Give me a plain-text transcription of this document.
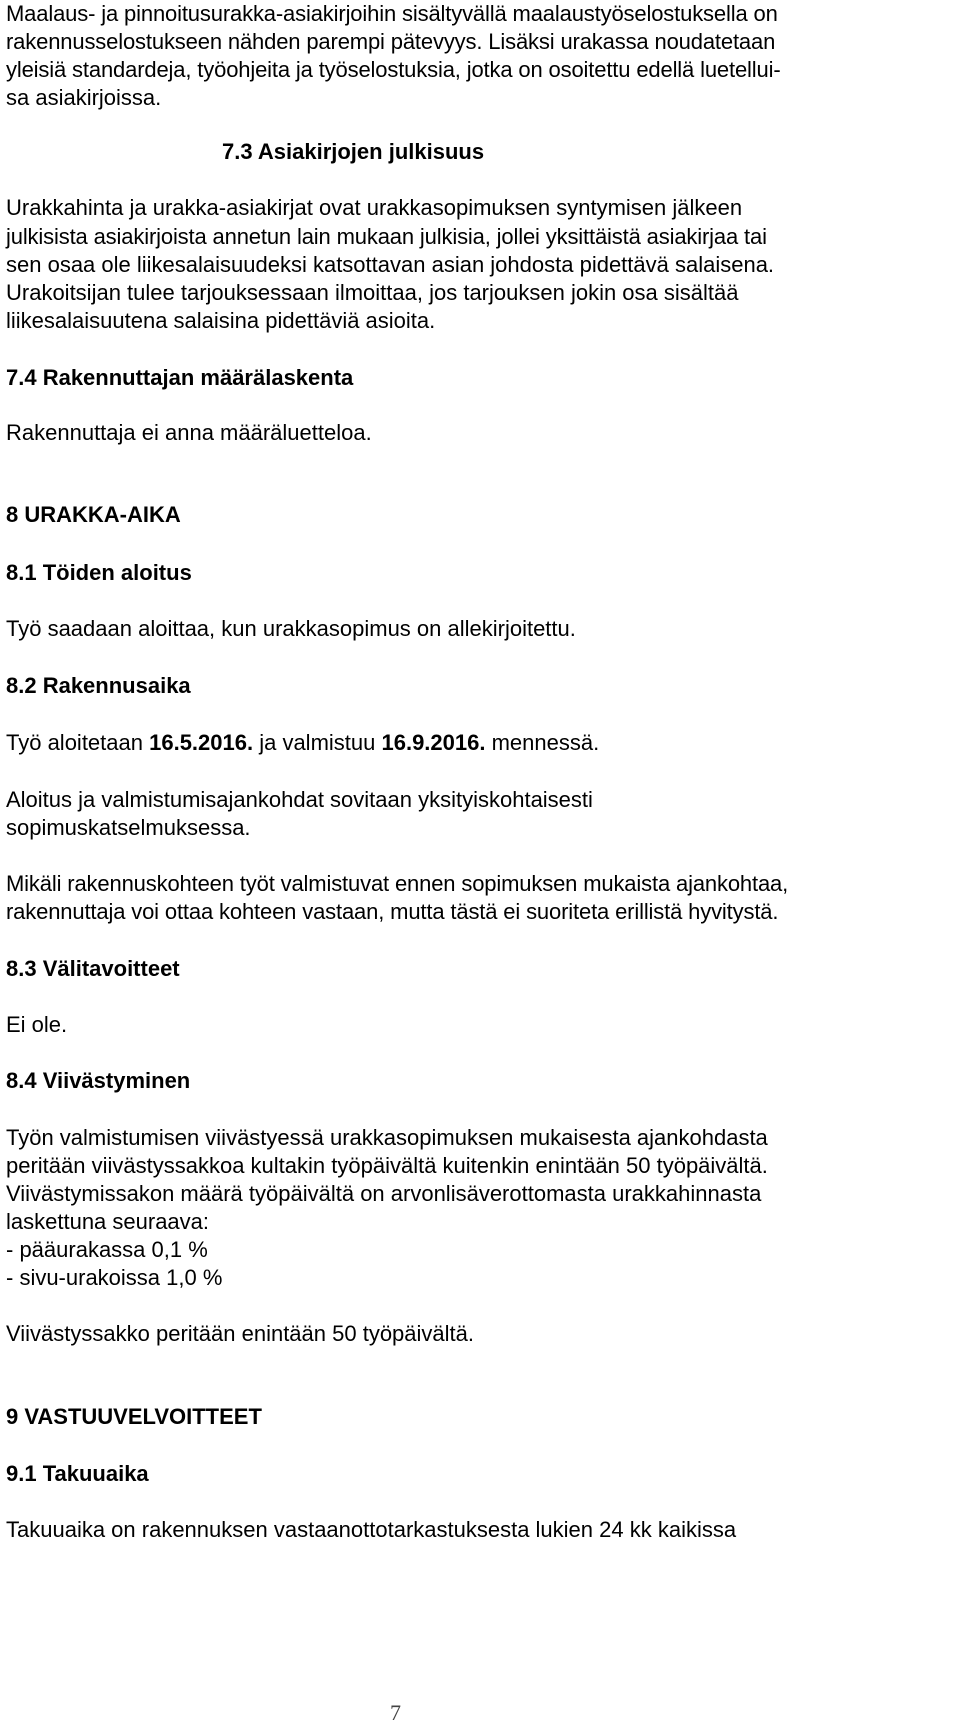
Maalaus- ja pinnoitusurakka-asiakirjoihin sisältyvällä maalaustyöselostuksella on
rakennusselostukseen nähden parempi pätevyys. Lisäksi urakassa noudatetaan
yleisiä standardeja, työohjeita ja työselostuksia, jotka on osoitettu edellä luetellui-
sa asiakirjoissa.
7.3 Asiakirjojen julkisuus
Urakkahinta ja urakka-asiakirjat ovat urakkasopimuksen syntymisen jälkeen
julkisista asiakirjoista annetun lain mukaan julkisia, jollei yksittäistä asiakirjaa tai
sen osaa ole liikesalaisuudeksi katsottavan asian johdosta pidettävä salaisena.
Urakoitsijan tulee tarjouksessaan ilmoittaa, jos tarjouksen jokin osa sisältää
liikesalaisuutena salaisina pidettäviä asioita.
7.4 Rakennuttajan määrälaskenta
Rakennuttaja ei anna määräluetteloa.
8 URAKKA-AIKA
8.1 Töiden aloitus
Työ saadaan aloittaa, kun urakkasopimus on allekirjoitettu.
8.2 Rakennusaika
Työ aloitetaan 16.5.2016. ja valmistuu 16.9.2016. mennessä.
Aloitus ja valmistumisajankohdat sovitaan yksityiskohtaisesti
sopimuskatselmuksessa.
Mikäli rakennuskohteen työt valmistuvat ennen sopimuksen mukaista ajankohtaa,
rakennuttaja voi ottaa kohteen vastaan, mutta tästä ei suoriteta erillistä hyvitystä.
8.3 Välitavoitteet
Ei ole.
8.4 Viivästyminen
Työn valmistumisen viivästyessä urakkasopimuksen mukaisesta ajankohdasta
peritään viivästyssakkoa kultakin työpäivältä kuitenkin enintään 50 työpäivältä.
Viivästymissakon määrä työpäivältä on arvonlisäverottomasta urakkahinnasta
laskettuna seuraava:
- pääurakassa 0,1 %
- sivu-urakoissa 1,0 %
Viivästyssakko peritään enintään 50 työpäivältä.
9 VASTUUVELVOITTEET
9.1 Takuuaika
Takuuaika on rakennuksen vastaanottotarkastuksesta lukien 24 kk kaikissa
7
